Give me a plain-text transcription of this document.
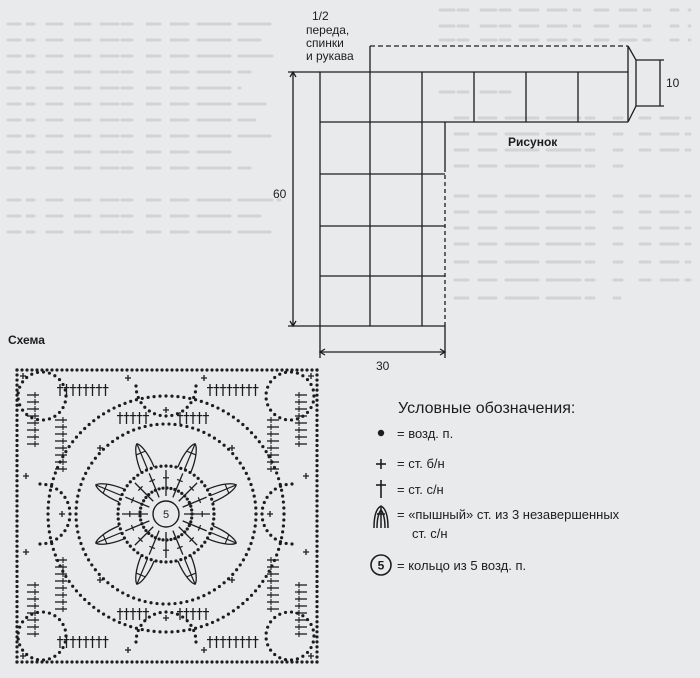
1/2
переда,
спинки
и рукава
Рисунок
60
30
10
Схема
5
Условные обозначения:
= возд. п.
= ст. б/н
= ст. с/н
= «пышный» ст. из 3 незавершенных
ст. с/н
5 = кольцо из 5 возд. п.
